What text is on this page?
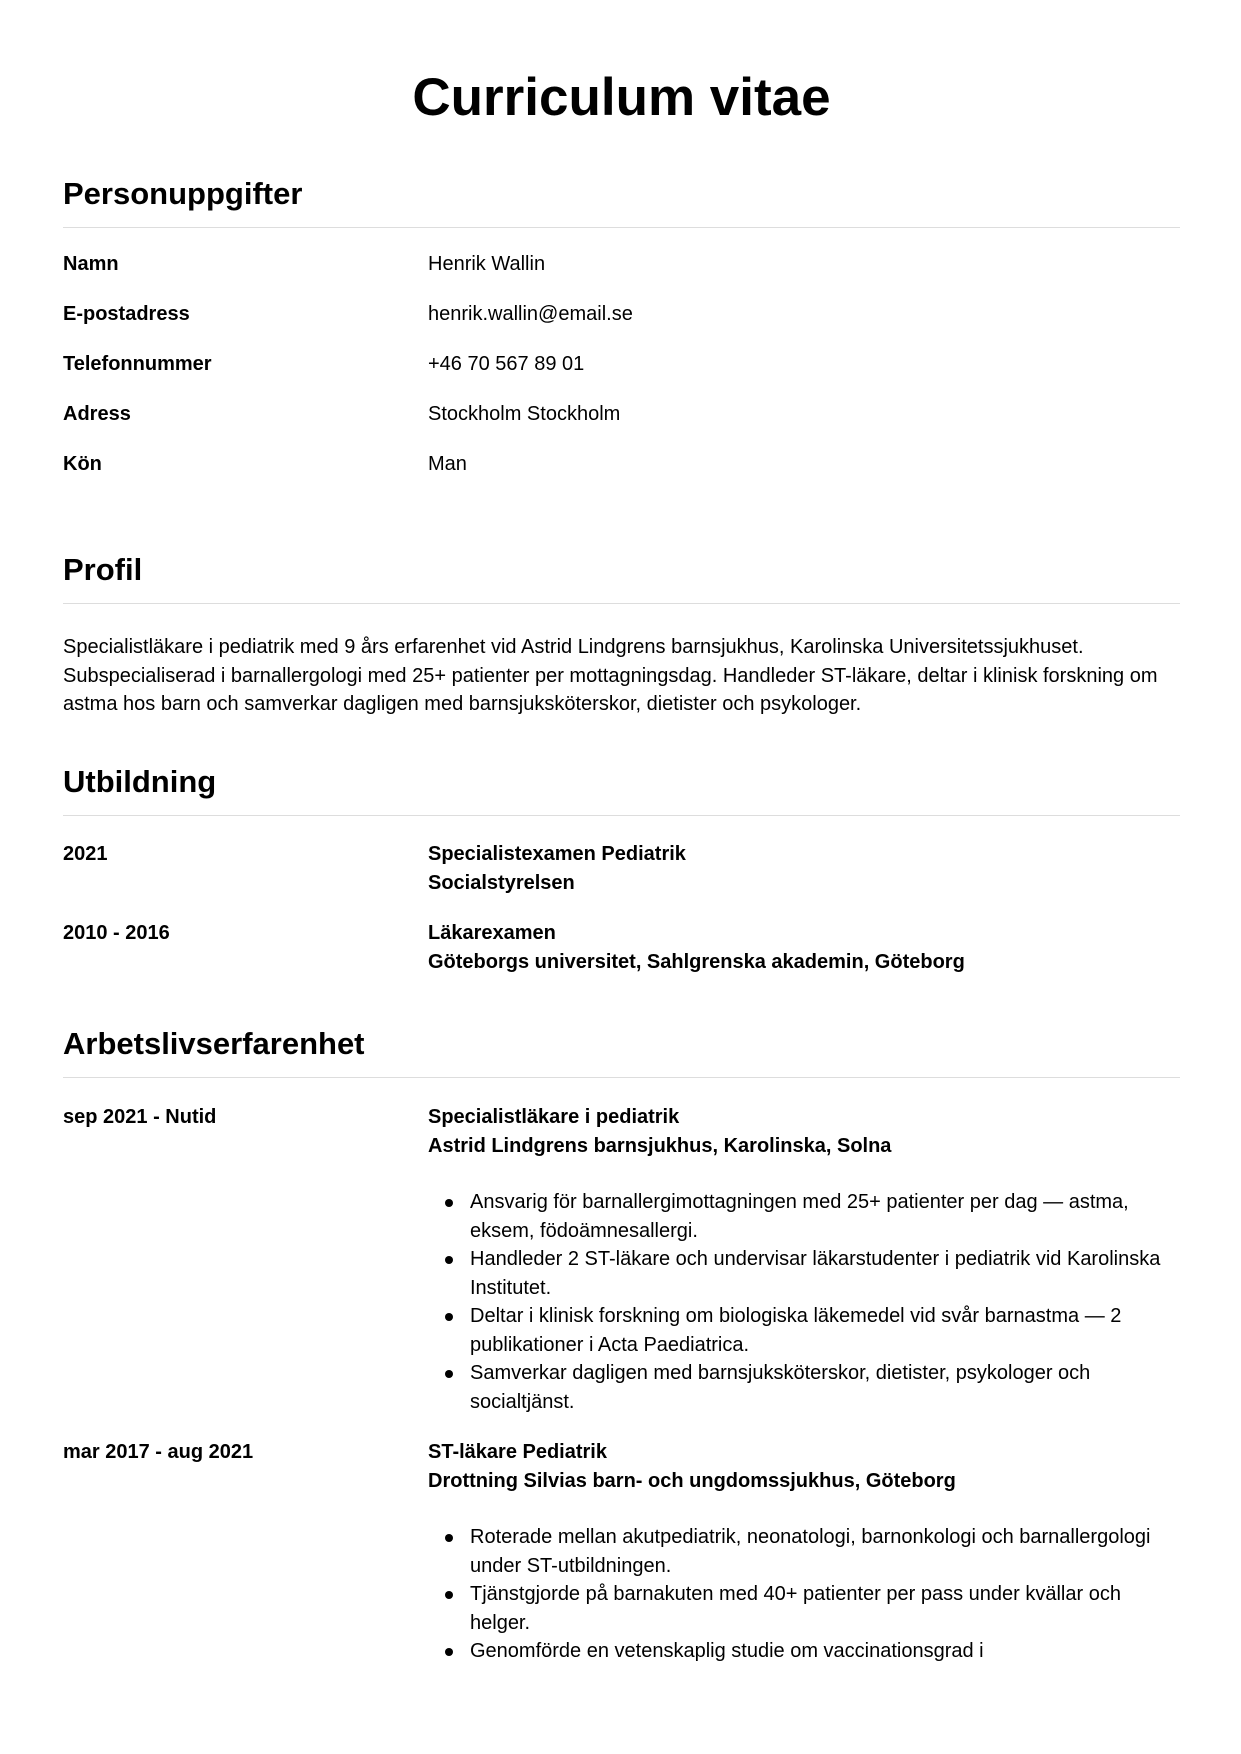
Curriculum vitae
Personuppgifter
Namn	Henrik Wallin
E-postadress	henrik.wallin@email.se
Telefonnummer	+46 70 567 89 01
Adress	Stockholm Stockholm
Kön	Man
Profil
Specialistläkare i pediatrik med 9 års erfarenhet vid Astrid Lindgrens barnsjukhus, Karolinska Universitetssjukhuset. Subspecialiserad i barnallergologi med 25+ patienter per mottagningsdag. Handleder ST-läkare, deltar i klinisk forskning om astma hos barn och samverkar dagligen med barnsjuksköterskor, dietister och psykologer.
Utbildning
2021	Specialistexamen Pediatrik
Socialstyrelsen
2010 - 2016	Läkarexamen
Göteborgs universitet, Sahlgrenska akademin, Göteborg
Arbetslivserfarenhet
sep 2021 - Nutid	Specialistläkare i pediatrik
Astrid Lindgrens barnsjukhus, Karolinska, Solna
Ansvarig för barnallergimottagningen med 25+ patienter per dag — astma, eksem, födoämnesallergi.
Handleder 2 ST-läkare och undervisar läkarstudenter i pediatrik vid Karolinska Institutet.
Deltar i klinisk forskning om biologiska läkemedel vid svår barnastma — 2 publikationer i Acta Paediatrica.
Samverkar dagligen med barnsjuksköterskor, dietister, psykologer och socialtjänst.
mar 2017 - aug 2021	ST-läkare Pediatrik
Drottning Silvias barn- och ungdomssjukhus, Göteborg
Roterade mellan akutpediatrik, neonatologi, barnonkologi och barnallergologi under ST-utbildningen.
Tjänstgjorde på barnakuten med 40+ patienter per pass under kvällar och helger.
Genomförde en vetenskaplig studie om vaccinationsgrad i
